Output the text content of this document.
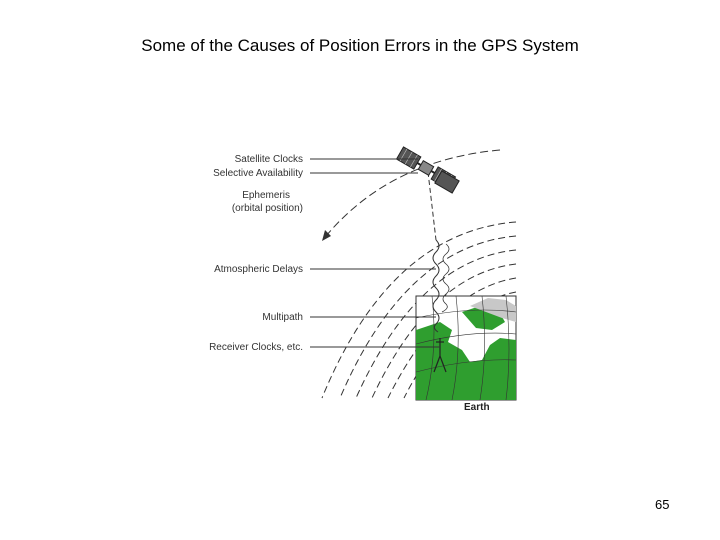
Some of the Causes of Position Errors in the GPS System
Satellite Clocks
Selective Availability
Ephemeris
(orbital position)
Atmospheric Delays
Multipath
Receiver Clocks, etc.
Earth
65
